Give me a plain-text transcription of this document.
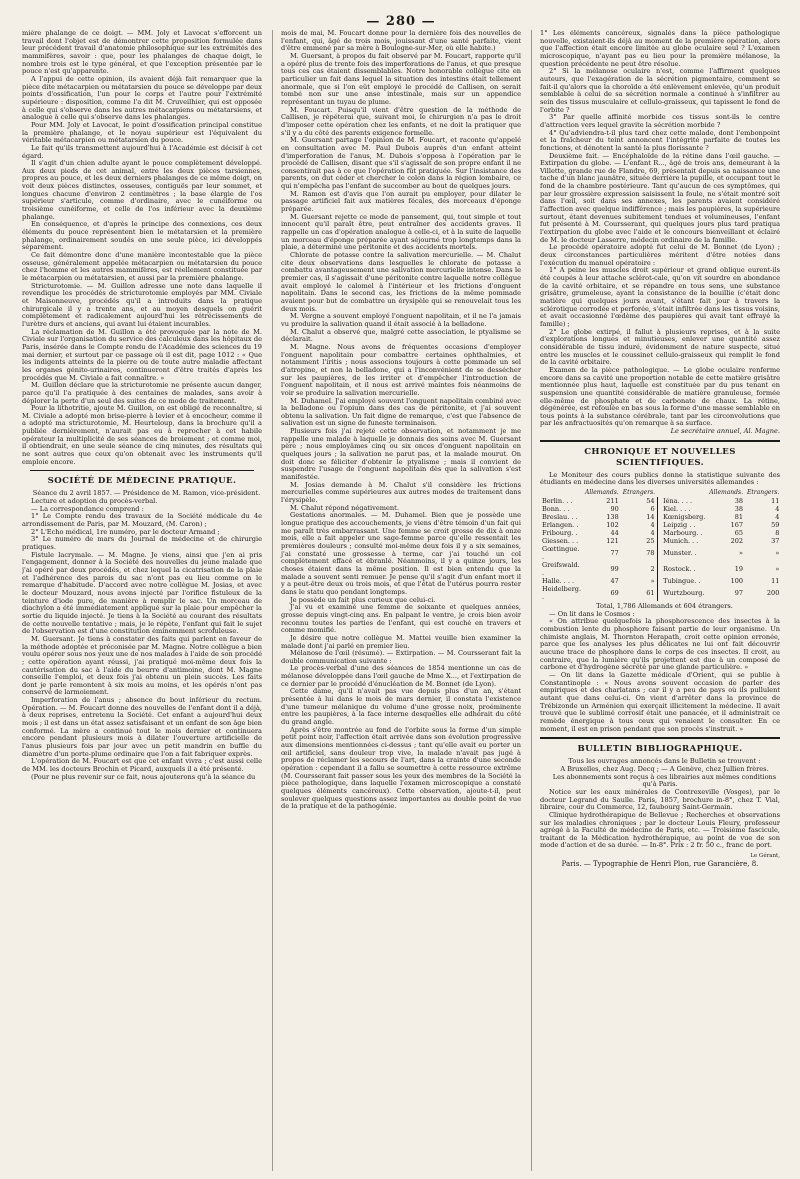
— 280 —

mière phalange de ce doigt. — MM. Joly et Lavocat s'efforcent un travail dont l'objet est de démontrer cette proposition formulée dans leur précédent travail d'anatomie philosophique sur les extrémités des mammifères, savoir : que, pour les phalanges de chaque doigt, le nombre trois est le type général, et que l'exception présentée par le pouce n'est qu'apparente.

A l'appui de cette opinion, ils avaient déjà fait remarquer que la pièce dite métacarpien ou métatarsien du pouce se développe par deux points d'ossification, l'un pour le corps et l'autre pour l'extrémité supérieure : disposition, comme l'a dit M. Cruveilhier, qui est opposée à celle qui s'observe dans les autres métacarpiens ou métatarsiens, et analogue à celle qui s'observe dans les phalanges.

Pour MM. Joly et Lavocat, le point d'ossification principal constitue la première phalange, et le noyau supérieur est l'équivalent du véritable métacarpien ou métatarsien du pouce.

Le fait qu'ils transmettent aujourd'hui à l'Académie est décisif à cet égard.

Il s'agit d'un chien adulte ayant le pouce complètement développé. Aux deux pieds de cet animal, entre les deux pièces tarsiennes, propres au pouce, et les deux derniers phalanges de ce même doigt, on voit deux pièces distinctes, osseuses, contiguës par leur sommet, et longues chacune d'environ 2 centimètres ; la base élargie de l'os supérieur s'articule, comme d'ordinaire, avec le cunéiforme ou troisième cunéiforme, et celle de l'os inférieur avec la deuxième phalange.

En conséquence, et d'après le principe des connexions, ces deux éléments du pouce représentent bien le métatarsien et la première phalange, ordinairement soudés en une seule pièce, ici développés séparément.

Ce fait démontre donc d'une manière incontestable que la pièce osseuse, généralement appelée métacarpien ou métatarsien du pouce chez l'homme et les autres mammifères, est réellement constituée par le métacarpien ou métatarsien, et aussi par la première phalange.

Stricturotomie. — M. Guillon adresse une note dans laquelle il revendique les procédés de stricturotomie employés par MM. Civiale et Maisonneuve, procédés qu'il a introduits dans la pratique chirurgicale il y a trente ans, et au moyen desquels on guérit complètement et radicalement aujourd'hui les rétrécissements de l'urètre durs et anciens, qui avant lui étaient incurables.

La réclamation de M. Guillon a été provoquée par la note de M. Civiale sur l'organisation du service des calculeux dans les hôpitaux de Paris, insérée dans le Compte rendu de l'Académie des sciences du 19 mai dernier, et surtout par ce passage où il est dit, page 1012 : « Que les indigents atteints de la pierre ou de toute autre maladie affectant les organes génito-urinaires, continueront d'être traités d'après les procédés que M. Civiale a fait connaître. »

M. Guillon déclare que la stricturotomie ne présente aucun danger, parce qu'il l'a pratiquée à des centaines de malades, sans avoir à déplorer la perte d'un seul des suites de ce mode de traitement.

Pour la lithotritie, ajoute M. Guillon, on est obligé de reconnaître, si M. Civiale a adopté mon brise-pierre à levier et à encocheur, comme il a adopté ma stricturotomie, M. Heurteloup, dans la brochure qu'il a publiée dernièrement, n'aurait pas eu à reprocher à cet habile opérateur la multiplicité de ses séances de broiement ; et comme moi, il obtiendrait, en une seule séance de cinq minutes, des résultats qui ne sont autres que ceux qu'on obtenait avec les instruments qu'il emploie encore.

SOCIÉTÉ DE MÉDECINE PRATIQUE.

Séance du 2 avril 1857. — Présidence de M. Ramon, vice-président.

Lecture et adoption du procès-verbal.

— La correspondance comprend :

1° Le Compte rendu des travaux de la Société médicale du 4e arrondissement de Paris, par M. Mouzard, (M. Caron) ;

2° L'Echo médical, 1re numéro, par le docteur Armand ;

3° Le numéro de mars du Journal de médecine et de chirurgie pratiques.

Fistule lacrymale. — M. Magne. Je viens, ainsi que j'en ai pris l'engagement, donner à la Société des nouvelles du jeune malade que j'ai opéré par deux procédés, et chez lequel la cicatrisation de la plaie et l'adhérence des parois du sac n'ont pas eu lieu comme on le remarque d'habitude. D'accord avec notre collègue M. Josias, et avec le docteur Mouzard, nous avons injecté par l'orifice fistuleux de la teinture d'iode pure, de manière à remplir le sac. Un morceau de diachylon a été immédiatement appliqué sur la plaie pour empêcher la sortie du liquide injecté. Je tiens à la Société au courant des résultats de cette nouvelle tentative ; mais, je le répète, l'enfant qui fait le sujet de l'observation est d'une constitution éminemment scrofuleuse.

M. Guersant. Je tiens à constater des faits qui parlent en faveur de la méthode adoptée et préconisée par M. Magne. Notre collègue a bien voulu opérer sous nos yeux une de nos malades à l'aide de son procédé ; cette opération ayant réussi, j'ai pratiqué moi-même deux fois la cautérisation du sac à l'aide du beurre d'antimoine, dont M. Magne conseille l'emploi, et deux fois j'ai obtenu un plein succès. Les faits dont je parle remontent à six mois au moins, et les opérés n'ont pas conservé de larmoiement.

Imperforation de l'anus ; absence du bout inférieur du rectum. Opération. — M. Foucart donne des nouvelles de l'enfant dont il a déjà, à deux reprises, entretenu la Société. Cet enfant a aujourd'hui deux mois ; il est dans un état assez satisfaisant et un enfant de son âge bien conformé. La mère a continué tout le mois dernier et continuera encore pendant plusieurs mois à dilater l'ouverture artificielle de l'anus plusieurs fois par jour avec un petit mandrin en buffle du diamètre d'un porte-plume ordinaire que l'on a fait fabriquer exprès.

L'opération de M. Foucart est que cet enfant vivra ; c'est aussi celle de MM. les docteurs Brochin et Picard, auxquels il a été présenté.

(Pour ne plus revenir sur ce fait, nous ajouterons qu'à la séance du

mois de mai, M. Foucart donne pour la dernière fois des nouvelles de l'enfant, qui, âgé de trois mois, jouissant d'une santé parfaite, vient d'être emmené par sa mère à Boulogne-sur-Mer, où elle habite.)

M. Guersant, à propos du fait observé par M. Foucart, rapporte qu'il a opéré plus de trente fois des imperforations de l'anus, et que presque tous ces cas étaient dissemblables. Notre honorable collègue cite en particulier un fait dans lequel la situation des intestins était tellement anormale, que si l'on eût employé le procédé de Callisen, on serait tombé non sur une anse intestinale, mais sur un appendice représentant un tuyau de plume.

M. Foucart. Puisqu'il vient d'être question de la méthode de Callisen, je répéterai que, suivant moi, le chirurgien n'a pas le droit d'imposer cette opération chez les enfants, et ne doit la pratiquer que s'il y a du côté des parents exigence formelle.

M. Guersant partage l'opinion de M. Foucart, et raconte qu'appelé en consultation avec M. Paul Dubois auprès d'un enfant atteint d'imperforation de l'anus, M. Dubois s'opposa à l'opération par le procédé de Callisen, disant que s'il s'agissait de son propre enfant il ne consentirait pas à ce que l'opération fût pratiquée. Sur l'insistance des parents, on dut céder et chercher le colon dans la région lombaire, ce qui n'empêcha pas l'enfant de succomber au bout de quelques jours.

M. Ramon est d'avis que l'on aurait pu employer, pour dilater le passage artificiel fait aux matières fécales, des morceaux d'éponge préparée.

M. Guersant rejette ce mode de pansement, qui, tout simple et tout innocent qu'il paraît être, peut entraîner des accidents graves. Il rappelle un cas d'opération analogue à celle-ci, et à la suite de laquelle un morceau d'éponge préparée ayant séjourné trop longtemps dans la plaie, a déterminé une péritonite et des accidents mortels.

Chlorate de potasse contre la salivation mercurielle. — M. Chalut cite deux observations dans lesquelles le chlorate de potasse a combattu avantageusement une salivation mercurielle intense. Dans le premier cas, il s'agissait d'une péritonite contre laquelle notre collègue avait employé le calomel à l'intérieur et les frictions d'onguent napolitain. Dans le second cas, les frictions de la même pommade avaient pour but de combattre un érysipèle qui se renouvelait tous les deux mois.

M. Vergne a souvent employé l'onguent napolitain, et il ne l'a jamais vu produire la salivation quand il était associé à la belladone.

M. Chalut a observé que, malgré cette association, le ptyalisme se déclarait.

M. Magne. Nous avons de fréquentes occasions d'employer l'onguent napolitain pour combattre certaines ophthalmies, et notamment l'iritis ; nous associons toujours à cette pommade un sel d'atropine, et non la belladone, qui a l'inconvénient de se dessécher sur les paupières, de les irriter et d'empêcher l'introduction de l'onguent napolitain, et il nous est arrivé maintes fois néanmoins de voir se produire la salivation mercurielle.

M. Duhamel. J'ai employé souvent l'onguent napolitain combiné avec la belladone ou l'opium dans des cas de péritonite, et j'ai souvent obtenu la salivation. Un fait digne de remarque, c'est que l'absence de salivation est un signe de funeste terminaison.

Plusieurs fois j'ai rejeté cette observation, et notamment je me rappelle une malade à laquelle je donnais des soins avec M. Guersant père ; nous employâmes cinq ou six onces d'onguent napolitain en quelques jours ; la salivation ne parut pas, et la malade mourut. On doit donc se féliciter d'obtenir le ptyalisme ; mais il convient de suspendre l'usage de l'onguent napolitain dès que la salivation s'est manifestée.

M. Josias demande à M. Chalut s'il considère les frictions mercurielles comme supérieures aux autres modes de traitement dans l'érysipèle.

M. Chalut répond négativement.

Gestations anormales. — M. Duhamel. Bien que je possède une longue pratique des accouchements, je viens d'être témoin d'un fait qui me paraît très embarrassant. Une femme se croit grosse de dix à onze mois, elle a fait appeler une sage-femme parce qu'elle ressentait les premières douleurs ; consulté moi-même deux fois il y a six semaines, j'ai constaté une grossesse à terme, car j'ai touché un col complètement effacé et ébranlé. Néanmoins, il y a quinze jours, les choses étaient dans la même position. Il est bien entendu que la malade a souvent senti remuer. Je pense qu'il s'agit d'un enfant mort il y a peut-être deux ou trois mois, et que l'état de l'utérus pourra rester dans le statu quo pendant longtemps.

Je possède un fait plus curieux que celui-ci.

J'ai vu et examiné une femme de soixante et quelques années, grosse depuis vingt-cinq ans. En palpant le ventre, je crois bien avoir reconnu toutes les parties de l'enfant, qui est couché en travers et comme momifié.

Je désire que notre collègue M. Mattei veuille bien examiner la malade dont j'ai parlé en premier lieu.

Mélanose de l'œil (résumé). — Extirpation. — M. Coursserant fait la double communication suivante :

Le procès-verbal d'une des séances de 1854 mentionne un cas de mélanose développée dans l'œil gauche de Mme X..., et l'extirpation de ce dernier par le procédé d'énucléation de M. Bonnet (de Lyon).

Cette dame, qu'il n'avait pas vue depuis plus d'un an, s'étant présentée à lui dans le mois de mars dernier, il constata l'existence d'une tumeur mélanique du volume d'une grosse noix, proéminente entre les paupières, à la face interne desquelles elle adhérait du côté du grand angle.

Après s'être montrée au fond de l'orbite sous la forme d'un simple petit point noir, l'affection était arrivée dans son évolution progressive aux dimensions mentionnées ci-dessus ; tant qu'elle avait eu porter un œil artificiel, sans douleur trop vive, la malade n'avait pas jugé à propos de réclamer les secours de l'art, dans la crainte d'une seconde opération : cependant il a fallu se soumettre à cette ressource extrême (M. Coursserant fait passer sous les yeux des membres de la Société la pièce pathologique, dans laquelle l'examen microscopique a constaté quelques éléments cancéreux). Cette observation, ajoute-t-il, peut soulever quelques questions assez importantes au double point de vue de la pratique et de la pathogénie.

1° Les éléments cancéreux, signalés dans la pièce pathologique nouvelle, existaient-ils déjà au moment de la première opération, alors que l'affection était encore limitée au globe oculaire seul ? L'examen microscopique, n'ayant pas eu lieu pour la première mélanose, la question précédente ne peut être résolue.

2° Si la mélanose oculaire n'est, comme l'affirment quelques auteurs, que l'exagération de la sécrétion pigmentaire, comment se fait-il qu'alors que la choroïde a été enlèvement enlevée, qu'un produit semblable à celui de sa sécrétion normale a continué à s'infiltrer au sein des tissus musculaire et cellulo-graisseux, qui tapissent le fond de l'orbite ?

3° Par quelle affinité morbide ces tissus sont-ils le centre d'attraction vers lequel gravite la sécrétion morbide ?

4° Qu'adviendra-t-il plus tard chez cette malade, dont l'embonpoint et la fraîcheur du teint annoncent l'intégrité parfaite de toutes les fonctions, et dénotent la santé la plus florissante ?

Deuxième fait. — Encéphaloïde de la rétine dans l'œil gauche. — Extirpation du globe. — L'enfant R..., âgé de trois ans, demeurant à la Villette, grande rue de Flandre, 69, présentait depuis sa naissance une tache d'un blanc jaunâtre, située derrière la pupille, et occupant tout le fond de la chambre postérieure. Tant qu'aucun de ces symptômes, qui par leur grossière expression saisissent la foule, ne s'était montré soit dans l'œil, soit dans ses annexes, les parents avaient considéré l'affection avec quelque indifférence ; mais les paupières, la supérieure surtout, étant devenues subitement tendues et volumineuses, l'enfant fut présenté à M. Coursserant, qui quelques jours plus tard pratiqua l'extirpation du globe avec l'aide et le concours bienveillant et éclairé de M. le docteur Lasserre, médecin ordinaire de la famille.

Le procédé opératoire adopté fut celui de M. Bonnet (de Lyon) ; deux circonstances particulières méritent d'être notées dans l'exécution du manuel opératoire :

1° A peine les muscles droit supérieur et grand oblique eurent-ils été coupés à leur attache sclérot-cale, qu'on vit sourdre en abondance de la cavité orbitaire, et se répandre en tous sens, une substance grisâtre, grumeleuse, ayant la consistance de la bouillie (c'était donc matière qui quelques jours avant, s'étant fait jour à travers la sclérotique corrodée et perforée, s'était infiltrée dans les tissus voisins, et avait occasionné l'œdème des paupières qui avait tant effrayé la famille) ;

2° Le globe extirpé, il fallut à plusieurs reprises, et à la suite d'explorations longues et minutieuses, enlever une quantité assez considérable de tissu induré, évidemment de nature suspecte, situé entre les muscles et le coussinet cellulo-graisseux qui remplit le fond de la cavité orbitaire.

Examen de la pièce pathologique. — Le globe oculaire renferme encore dans sa cavité une proportion notable de cette matière grisâtre mentionnée plus haut, laquelle est constituée par du pus tenant en suspension une quantité considérable de matière granuleuse, formée elle-même de phosphate et de carbonate de chaux. La rétine, dégénérée, est refoulée en bas sous la forme d'une masse semblable en tous points à la substance cérébrale, tant par les circonvolutions que par les anfractuosités qu'on remarque à sa surface.

Le secrétaire annuel, Al. Magne.

CHRONIQUE ET NOUVELLES SCIENTIFIQUES.

Le Moniteur des cours publics donne la statistique suivante des étudiants en médecine dans les diverses universités allemandes :

	Allemands.	Etrangers.			Allemands.	Etrangers.
Berlin. . .	211	54		Iéna. . . .	38	11
Bonn. . .	90	6		Kiel. . . .	38	4
Breslau. . .	138	14		Kœnigsberg.	81	4
Erlangen. .	102	4		Leipzig . .	167	59
Fribourg. .	44	4		Marbourg. .	65	8
Giessen. . .	121	25		Munich. . .	202	37
Gœttingue. .	77	78		Munster. .	»	»
Greifswald. .	99	2		Rostock. .	19	»
Halle. . . .	47	»		Tubingue. .	100	11
Heidelberg. .	69	61		Wurtzbourg.	97	200

Total, 1,786 Allemands et 604 étrangers.

— On lit dans le Cosmos :

« On attribue quelquefois la phosphorescence des insectes à la combustion lente du phosphore faisant partie de leur organisme. Un chimiste anglais, M. Thornton Herapath, croit cette opinion erronée, parce que les analyses les plus délicates ne lui ont fait découvrir aucune trace de phosphore dans le corps de ces insectes. Il croit, au contraire, que la lumière qu'ils projettent est due à un composé de carbone et d'hydrogène sécrété par une glande particulière. »

— On lit dans la Gazette médicale d'Orient, qui se publie à Constantinople : « Nous avons souvent occasion de parler des empiriques et des charlatans ; car il y a peu de pays où ils pullulent autant que dans celui-ci. On vient d'arrêter dans la province de Trébizonde un Arménien qui exerçait illicitement la médecine. Il avait trouvé que le sublimé corrosif était une panacée, et il administrait ce remède énergique à tous ceux qui venaient le consulter. En ce moment, il est en prison pendant que son procès s'instruit. »

BULLETIN BIBLIOGRAPHIQUE.

Tous les ouvrages annoncés dans le Bulletin se trouvent :

A Bruxelles, chez Aug. Decq ; — A Genève, chez Jullien frères.

Les abonnements sont reçus à ces librairies aux mêmes conditions qu'à Paris.

Notice sur les eaux minérales de Contrexeville (Vosges), par le docteur Legrand du Saulle. Paris, 1857, brochure in-8°, chez T. Vial, libraire, cour du Commerce, 12, faubourg Saint-Germain.

Clinique hydrothérapique de Bellevue ; Recherches et observations sur les maladies chroniques ; par le docteur Louis Fleury, professeur agrégé à la Faculté de médecine de Paris, etc. — Troisième fascicule, traitant de la Médication hydrothérapique, au point de vue de son mode d'action et de sa durée. — In-8°. Prix : 2 fr. 50 c., franc de port.

Le Gérant,
Paris. — Typographie de Henri Plon, rue Garancière, 8.
